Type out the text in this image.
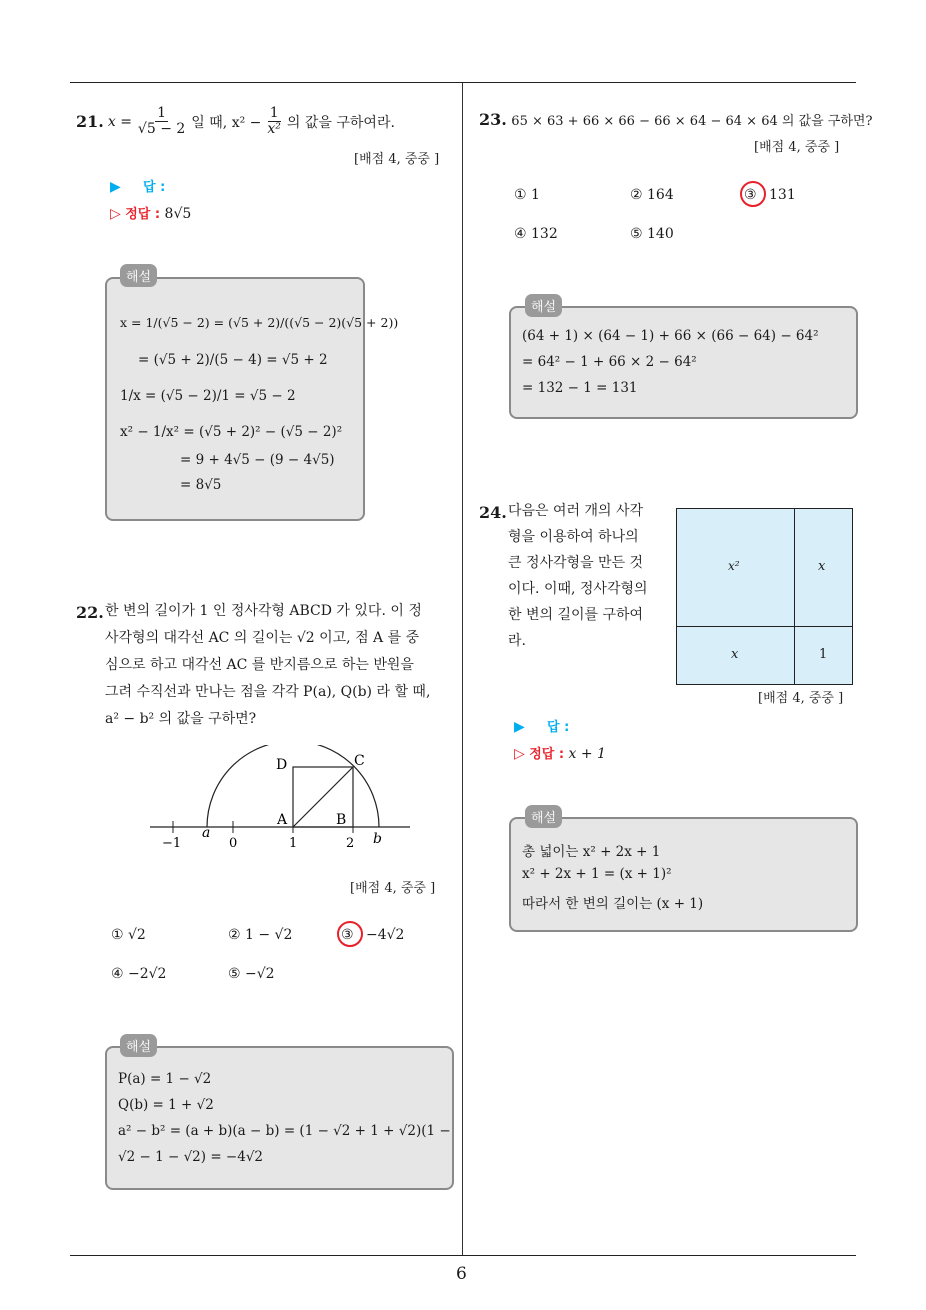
6
21. $x = \frac{1}{√5 - 2}$ 일 때, $x^2 - \frac{1}{\text{x²}}$ 의 값을 구하여라.
[배점 4, 중중 ]
▶ 답 :
▷ 정답 : 8√5
해설
x = 1/(√5 − 2) = (√5 + 2)/((√5 − 2)(√5 + 2))
= (√5 + 2)/(5 − 4) = √5 + 2
1/x = (√5 − 2)/1 = √5 − 2
x² − 1/x² = (√5 + 2)² − (√5 − 2)²
= 9 + 4√5 − (9 − 4√5)
= 8√5
22. 한 변의 길이가 1 인 정사각형 ABCD 가 있다. 이 정
사각형의 대각선 AC 의 길이는 √2 이고, 점 A 를 중
심으로 하고 대각선 AC 를 반지름으로 하는 반원을
그려 수직선과 만나는 점을 각각 P(a), Q(b) 라 할 때,
a² − b² 의 값을 구하면?
D	C
A	B
a	b
−1	0	1	2
[배점 4, 중중 ]
① √2	② 1 − √2	③ −4√2
④ −2√2	⑤ −√2
해설
P(a) = 1 − √2
Q(b) = 1 + √2
a² − b² = (a + b)(a − b) = (1 − √2 + 1 + √2)(1 −
√2 − 1 − √2) = −4√2
23. 65 × 63 + 66 × 66 − 66 × 64 − 64 × 64 의 값을 구하면?
[배점 4, 중중 ]
① 1	② 164	③ 131
④ 132	⑤ 140
해설
(64 + 1) × (64 − 1) + 66 × (66 − 64) − 64²
= 64² − 1 + 66 × 2 − 64²
= 132 − 1 = 131
24. 다음은 여러 개의 사각
형을 이용하여 하나의
큰 정사각형을 만든 것
이다. 이때, 정사각형의
한 변의 길이를 구하여
라.
x²	x
x	1
[배점 4, 중중 ]
▶ 답 :
▷ 정답 : x + 1
해설
총 넓이는 x² + 2x + 1
x² + 2x + 1 = (x + 1)²
따라서 한 변의 길이는 (x + 1)
